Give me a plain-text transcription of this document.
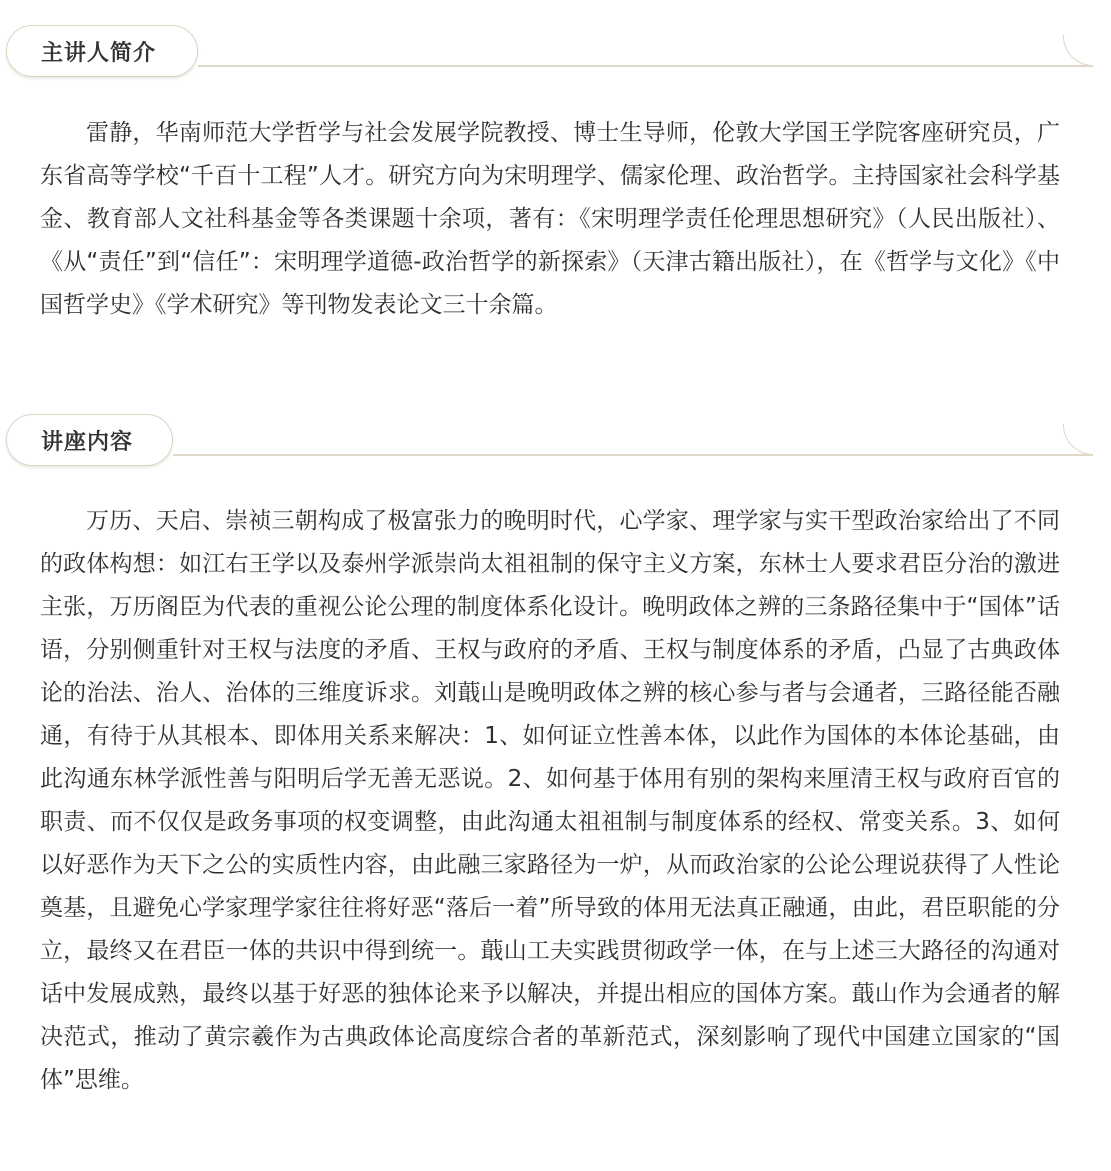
主讲人简介

雷静，华南师范大学哲学与社会发展学院教授、博士生导师，伦敦大学国王学院客座研究员，广东省高等学校“千百十工程”人才。研究方向为宋明理学、儒家伦理、政治哲学。主持国家社会科学基金、教育部人文社科基金等各类课题十余项，著有：《宋明理学责任伦理思想研究》（人民出版社）、《从“责任”到“信任”：宋明理学道德-政治哲学的新探索》（天津古籍出版社），在《哲学与文化》《中国哲学史》《学术研究》等刊物发表论文三十余篇。

讲座内容

万历、天启、崇祯三朝构成了极富张力的晚明时代，心学家、理学家与实干型政治家给出了不同的政体构想：如江右王学以及泰州学派崇尚太祖祖制的保守主义方案，东林士人要求君臣分治的激进主张，万历阁臣为代表的重视公论公理的制度体系化设计。晚明政体之辨的三条路径集中于“国体”话语，分别侧重针对王权与法度的矛盾、王权与政府的矛盾、王权与制度体系的矛盾，凸显了古典政体论的治法、治人、治体的三维度诉求。刘蕺山是晚明政体之辨的核心参与者与会通者，三路径能否融通，有待于从其根本、即体用关系来解决：1、如何证立性善本体，以此作为国体的本体论基础，由此沟通东林学派性善与阳明后学无善无恶说。2、如何基于体用有别的架构来厘清王权与政府百官的职责、而不仅仅是政务事项的权变调整，由此沟通太祖祖制与制度体系的经权、常变关系。3、如何以好恶作为天下之公的实质性内容，由此融三家路径为一炉，从而政治家的公论公理说获得了人性论奠基，且避免心学家理学家往往将好恶“落后一着”所导致的体用无法真正融通，由此，君臣职能的分立，最终又在君臣一体的共识中得到统一。蕺山工夫实践贯彻政学一体，在与上述三大路径的沟通对话中发展成熟，最终以基于好恶的独体论来予以解决，并提出相应的国体方案。蕺山作为会通者的解决范式，推动了黄宗羲作为古典政体论高度综合者的革新范式，深刻影响了现代中国建立国家的“国体”思维。
